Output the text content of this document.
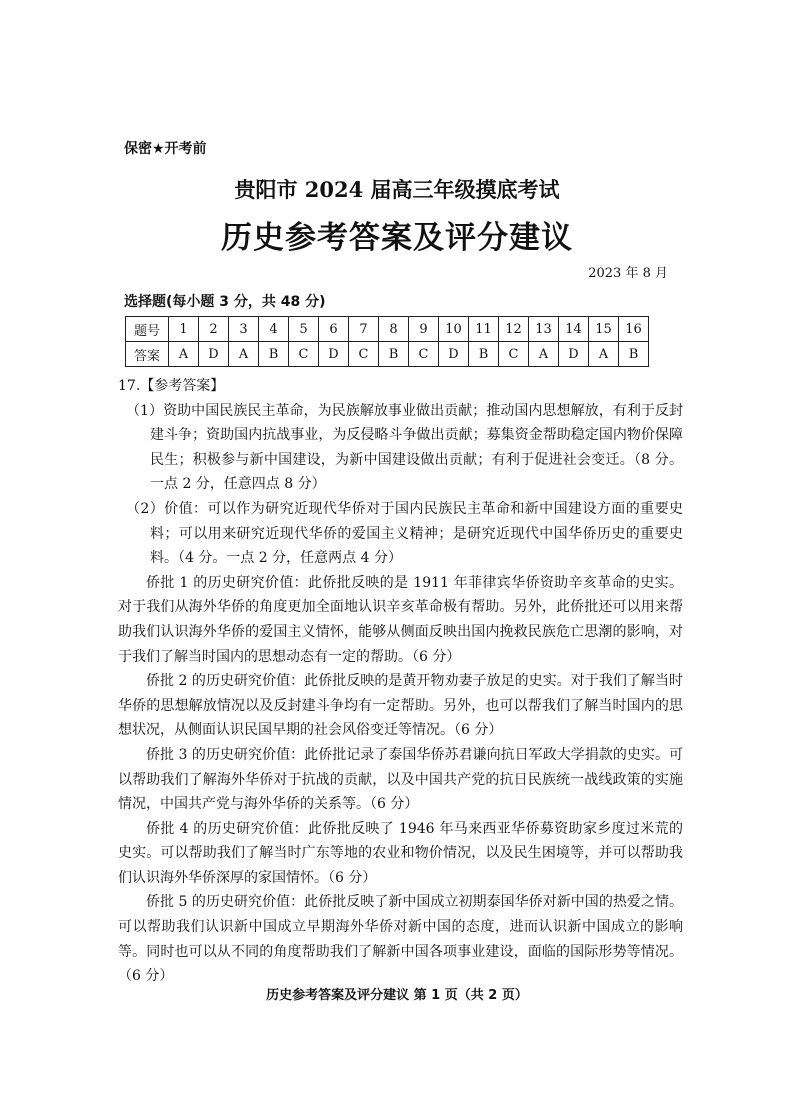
保密★开考前
贵阳市 2024 届高三年级摸底考试
历史参考答案及评分建议
2023 年 8 月
选择题(每小题 3 分，共 48 分)
题号	1	2	3	4	5	6	7	8	9	10	11	12	13	14	15	16
答案	A	D	A	B	C	D	C	B	C	D	B	C	A	D	A	B

17.【参考答案】

（1）资助中国民族民主革命，为民族解放事业做出贡献；推动国内思想解放，有利于反封建斗争；资助国内抗战事业，为反侵略斗争做出贡献；募集资金帮助稳定国内物价保障民生；积极参与新中国建设，为新中国建设做出贡献；有利于促进社会变迁。（8 分。一点 2 分，任意四点 8 分）

（2）价值：可以作为研究近现代华侨对于国内民族民主革命和新中国建设方面的重要史料；可以用来研究近现代华侨的爱国主义精神；是研究近现代中国华侨历史的重要史料。（4 分。一点 2 分，任意两点 4 分）

侨批 1 的历史研究价值：此侨批反映的是 1911 年菲律宾华侨资助辛亥革命的史实。对于我们从海外华侨的角度更加全面地认识辛亥革命极有帮助。另外，此侨批还可以用来帮助我们认识海外华侨的爱国主义情怀，能够从侧面反映出国内挽救民族危亡思潮的影响，对于我们了解当时国内的思想动态有一定的帮助。（6 分）

侨批 2 的历史研究价值：此侨批反映的是黄开物劝妻子放足的史实。对于我们了解当时华侨的思想解放情况以及反封建斗争均有一定帮助。另外，也可以帮我们了解当时国内的思想状况，从侧面认识民国早期的社会风俗变迁等情况。（6 分）

侨批 3 的历史研究价值：此侨批记录了泰国华侨苏君谦向抗日军政大学捐款的史实。可以帮助我们了解海外华侨对于抗战的贡献，以及中国共产党的抗日民族统一战线政策的实施情况，中国共产党与海外华侨的关系等。（6 分）

侨批 4 的历史研究价值：此侨批反映了 1946 年马来西亚华侨募资助家乡度过米荒的史实。可以帮助我们了解当时广东等地的农业和物价情况，以及民生困境等，并可以帮助我们认识海外华侨深厚的家国情怀。（6 分）

侨批 5 的历史研究价值：此侨批反映了新中国成立初期泰国华侨对新中国的热爱之情。可以帮助我们认识新中国成立早期海外华侨对新中国的态度，进而认识新中国成立的影响等。同时也可以从不同的角度帮助我们了解新中国各项事业建设，面临的国际形势等情况。（6 分）

历史参考答案及评分建议 第 1 页（共 2 页）
